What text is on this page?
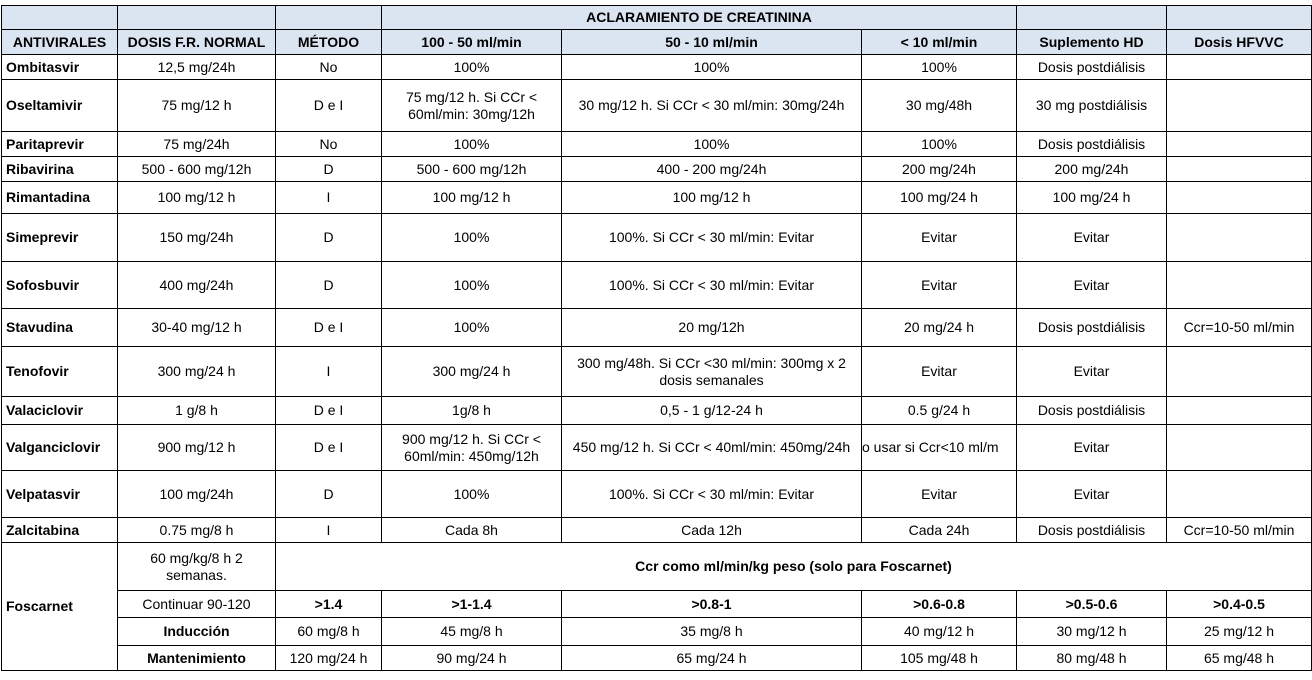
			ACLARAMIENTO DE CREATININA				
ANTIVIRALES	DOSIS F.R. NORMAL	MÉTODO	100 - 50 ml/min	50 - 10 ml/min	< 10 ml/min	Suplemento HD	Dosis HFVVC
Ombitasvir	12,5 mg/24h	No	100%	100%	100%	Dosis postdiálisis	
Oseltamivir	75 mg/12 h	D e I	75 mg/12 h. Si CCr < 60ml/min: 30mg/12h	30 mg/12 h. Si CCr < 30 ml/min: 30mg/24h	30 mg/48h	30 mg postdiálisis	
Paritaprevir	75 mg/24h	No	100%	100%	100%	Dosis postdiálisis	
Ribavirina	500 - 600 mg/12h	D	500 - 600 mg/12h	400 - 200 mg/24h	200 mg/24h	200 mg/24h	
Rimantadina	100 mg/12 h	I	100 mg/12 h	100 mg/12 h	100 mg/24 h	100 mg/24 h	
Simeprevir	150 mg/24h	D	100%	100%. Si CCr < 30 ml/min: Evitar	Evitar	Evitar	
Sofosbuvir	400 mg/24h	D	100%	100%. Si CCr < 30 ml/min: Evitar	Evitar	Evitar	
Stavudina	30-40 mg/12 h	D e I	100%	20 mg/12h	20 mg/24 h	Dosis postdiálisis	Ccr=10-50 ml/min
Tenofovir	300 mg/24 h	I	300 mg/24 h	300 mg/48h. Si CCr <30 ml/min: 300mg x 2 dosis semanales	Evitar	Evitar	
Valaciclovir	1 g/8 h	D e I	1g/8 h	0,5 - 1 g/12-24 h	0.5 g/24 h	Dosis postdiálisis	
Valganciclovir	900 mg/12 h	D e I	900 mg/12 h. Si CCr < 60ml/min: 450mg/12h	450 mg/12 h. Si CCr < 40ml/min: 450mg/24h	o usar si Ccr<10 ml/m	Evitar	
Velpatasvir	100 mg/24h	D	100%	100%. Si CCr < 30 ml/min: Evitar	Evitar	Evitar	
Zalcitabina	0.75 mg/8 h	I	Cada 8h	Cada 12h	Cada 24h	Dosis postdiálisis	Ccr=10-50 ml/min
Foscarnet	60 mg/kg/8 h 2 semanas.	Ccr como ml/min/kg peso (solo para Foscarnet)					
	Continuar 90-120	>1.4	>1-1.4	>0.8-1	>0.6-0.8	>0.5-0.6	>0.4-0.5
	Inducción	60 mg/8 h	45 mg/8 h	35 mg/8 h	40 mg/12 h	30 mg/12 h	25 mg/12 h
	Mantenimiento	120 mg/24 h	90 mg/24 h	65 mg/24 h	105 mg/48 h	80 mg/48 h	65 mg/48 h
